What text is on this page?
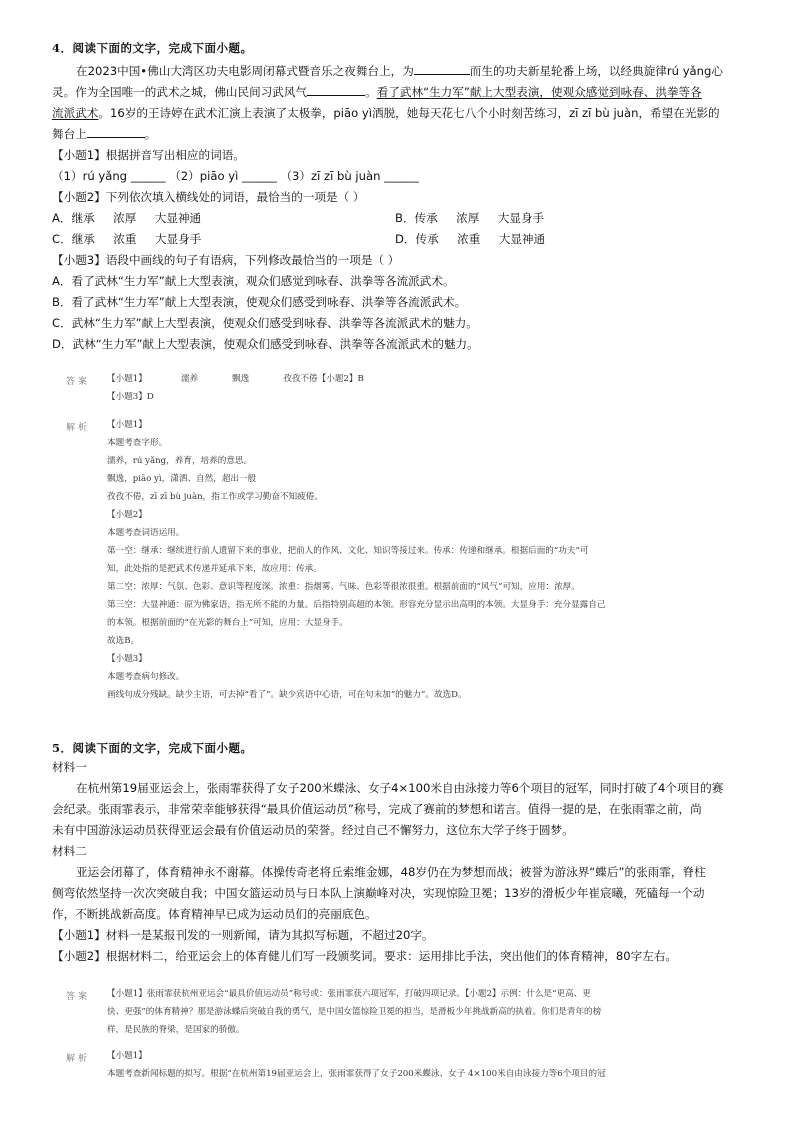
4．阅读下面的文字，完成下面小题。
在2023中国•佛山大湾区功夫电影周闭幕式暨音乐之夜舞台上，为	而生的功夫新星轮番上场，以经典旋律rú yǎng心
灵。作为全国唯一的武术之城，佛山民间习武风气	。看了武林“生力军”献上大型表演，使观众感觉到咏春、洪拳等各
流派武术。16岁的王诗婷在武术汇演上表演了太极拳，piāo yì洒脱，她每天花七八个小时刻苦练习，zī zī bù juàn，希望在光影的
舞台上	。
【小题1】根据拼音写出相应的词语。
（1）rú yǎng ______ （2）piāo yì ______ （3）zī zī bù juàn ______
【小题2】下列依次填入横线处的词语，最恰当的一项是（ ）
A．继承     浓厚     大显神通	B．传承     浓厚     大显身手
C．继承     浓重     大显身手	D．传承     浓重     大显神通
【小题3】语段中画线的句子有语病，下列修改最恰当的一项是（ ）
A．看了武林“生力军”献上大型表演，观众们感觉到咏春、洪拳等各流派武术。
B．看了武林“生力军”献上大型表演，使观众们感受到咏春、洪拳等各流派武术。
C．武林“生力军”献上大型表演，使观众们感受到咏春、洪拳等各流派武术的魅力。
D．武林“生力军”献上大型表演，使观众们感受到咏春、洪拳等各流派武术的魅力。
答案 【小题1】	濡养	飘逸	孜孜不倦【小题2】B
【小题3】D
解析 【小题1】
本题考查字形。
濡养，rú yǎng，养育，培养的意思。
飘逸，piāo yì，潇洒、自然，超出一般
孜孜不倦，zī zī bù juàn，指工作或学习勤奋不知疲倦。
【小题2】
本题考查词语运用。
第一空：继承：继续进行前人遗留下来的事业，把前人的作风、文化、知识等接过来。传承：传递和继承。根据后面的“功夫”可
知，此处指的是把武术传递并延承下来，故应用：传承。
第二空：浓厚：气氛、色彩、意识等程度深。浓重：指烟雾、气味、色彩等很浓很重。根据前面的“风气”可知，应用：浓厚。
第三空：大显神通：原为佛家语，指无所不能的力量。后指特别高超的本领。形容充分显示出高明的本领。大显身手：充分显露自己
的本领。根据前面的“在光影的舞台上”可知，应用：大显身手。
故选B。
【小题3】
本题考查病句修改。
画线句成分残缺。缺少主语，可去掉“看了”。缺少宾语中心语，可在句末加“的魅力”。故选D。
5．阅读下面的文字，完成下面小题。
材料一
在杭州第19届亚运会上，张雨霏获得了女子200米蝶泳、女子4×100米自由泳接力等6个项目的冠军，同时打破了4个项目的赛
会纪录。张雨霏表示，非常荣幸能够获得“最具价值运动员”称号，完成了赛前的梦想和诺言。值得一提的是，在张雨霏之前，尚
未有中国游泳运动员获得亚运会最有价值运动员的荣誉。经过自己不懈努力，这位东大学子终于圆梦。
材料二
亚运会闭幕了，体育精神永不谢幕。体操传奇老将丘索维金娜，48岁仍在为梦想而战；被誉为游泳界“蝶后”的张雨霏，脊柱
侧弯依然坚持一次次突破自我；中国女篮运动员与日本队上演巅峰对决，实现惊险卫冕；13岁的滑板少年崔宸曦，死磕每一个动
作，不断挑战新高度。体育精神早已成为运动员们的亮丽底色。
【小题1】材料一是某报刊发的一则新闻，请为其拟写标题，不超过20字。
【小题2】根据材料二，给亚运会上的体育健儿们写一段颁奖词。要求：运用排比手法，突出他们的体育精神，80字左右。
答案 【小题1】张雨霏获杭州亚运会“最具价值运动员”称号或：张雨霏获六项冠军，打破四项记录。【小题2】示例：什么是“更高、更
快、更强”的体育精神？那是游泳蝶后突破自我的勇气，是中国女篮惊险卫冕的担当，是滑板少年挑战新高的执着。你们是青年的榜
样，是民族的脊梁，是国家的骄傲。
解析 【小题1】
本题考查新闻标题的拟写。根据“在杭州第19届亚运会上，张雨霏获得了女子200米蝶泳、女子 4×100米自由泳接力等6个项目的冠
